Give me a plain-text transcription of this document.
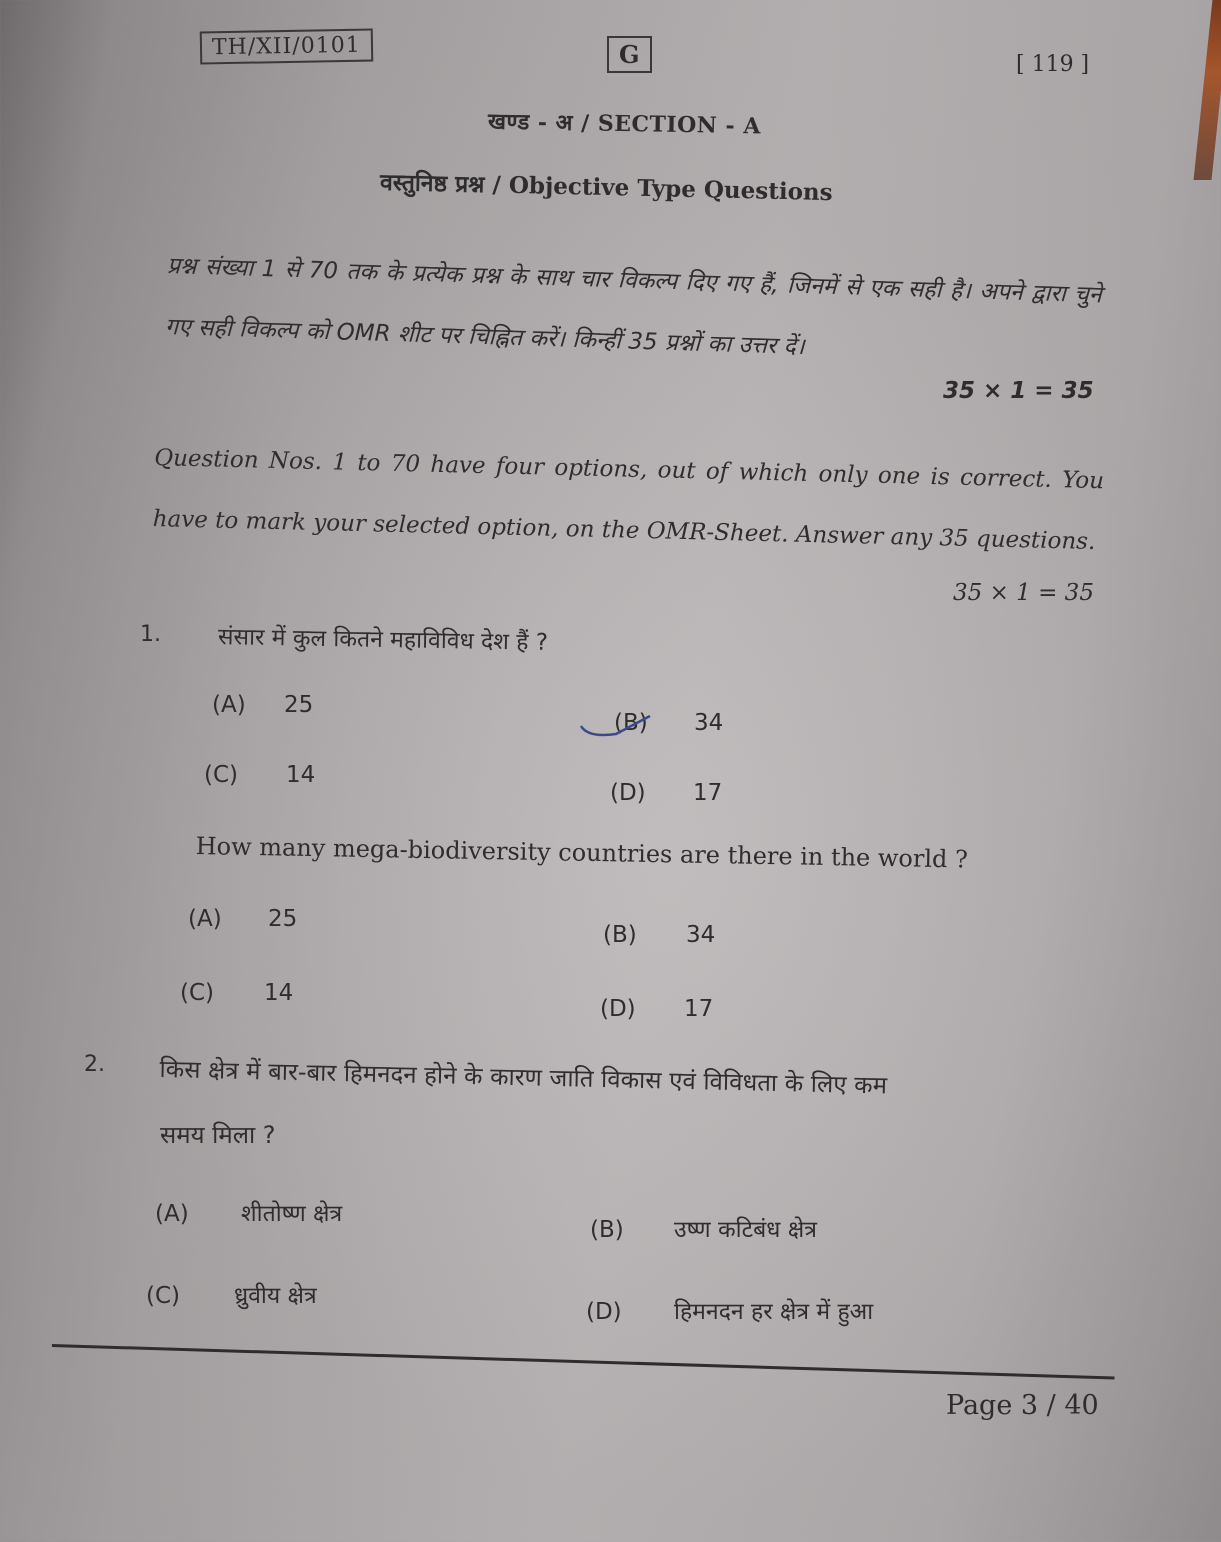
TH/XII/0101	G	[ 119 ]
खण्ड - अ / SECTION - A
वस्तुनिष्ठ प्रश्न / Objective Type Questions
प्रश्न संख्या 1 से 70 तक के प्रत्येक प्रश्न के साथ चार विकल्प दिए गए हैं, जिनमें से एक सही है। अपने द्वारा चुने गए सही विकल्प को OMR शीट पर चिह्नित करें। किन्हीं 35 प्रश्नों का उत्तर दें।
35 × 1 = 35
Question Nos. 1 to 70 have four options, out of which only one is correct. You have to mark your selected option, on the OMR-Sheet. Answer any 35 questions.
35 × 1 = 35
1. संसार में कुल कितने महाविविध देश हैं ?
(A) 25
(B) 34
(C) 14
(D) 17
How many mega-biodiversity countries are there in the world ?
(A) 25
(B) 34
(C) 14
(D) 17
2. किस क्षेत्र में बार-बार हिमनदन होने के कारण जाति विकास एवं विविधता के लिए कम
समय मिला ?
(A) शीतोष्ण क्षेत्र
(B) उष्ण कटिबंध क्षेत्र
(C) ध्रुवीय क्षेत्र
(D) हिमनदन हर क्षेत्र में हुआ
Page 3 / 40
